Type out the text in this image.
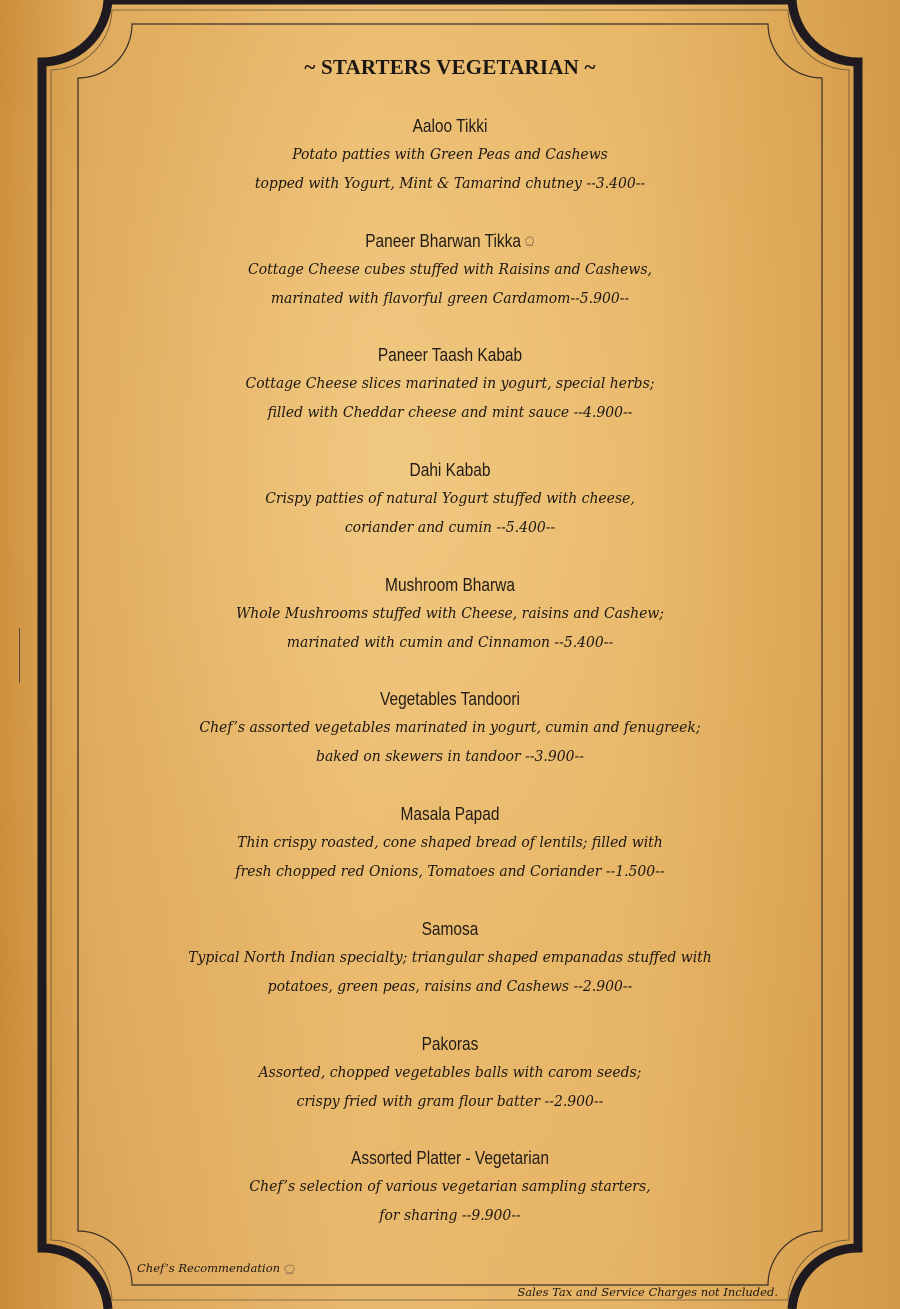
~ STARTERS VEGETARIAN ~
Aaloo Tikki
Potato patties with Green Peas and Cashews
topped with Yogurt, Mint & Tamarind chutney --3.400--
Paneer Bharwan Tikka
Cottage Cheese cubes stuffed with Raisins and Cashews,
marinated with flavorful green Cardamom--5.900--
Paneer Taash Kabab
Cottage Cheese slices marinated in yogurt, special herbs;
filled with Cheddar cheese and mint sauce --4.900--
Dahi Kabab
Crispy patties of natural Yogurt stuffed with cheese,
coriander and cumin --5.400--
Mushroom Bharwa
Whole Mushrooms stuffed with Cheese, raisins and Cashew;
marinated with cumin and Cinnamon --5.400--
Vegetables Tandoori
Chef’s assorted vegetables marinated in yogurt, cumin and fenugreek;
baked on skewers in tandoor --3.900--
Masala Papad
Thin crispy roasted, cone shaped bread of lentils; filled with
fresh chopped red Onions, Tomatoes and Coriander --1.500--
Samosa
Typical North Indian specialty; triangular shaped empanadas stuffed with
potatoes, green peas, raisins and Cashews --2.900--
Pakoras
Assorted, chopped vegetables balls with carom seeds;
crispy fried with gram flour batter --2.900--
Assorted Platter - Vegetarian
Chef’s selection of various vegetarian sampling starters,
for sharing --9.900--
Chef’s Recommendation
Sales Tax and Service Charges not Included.
